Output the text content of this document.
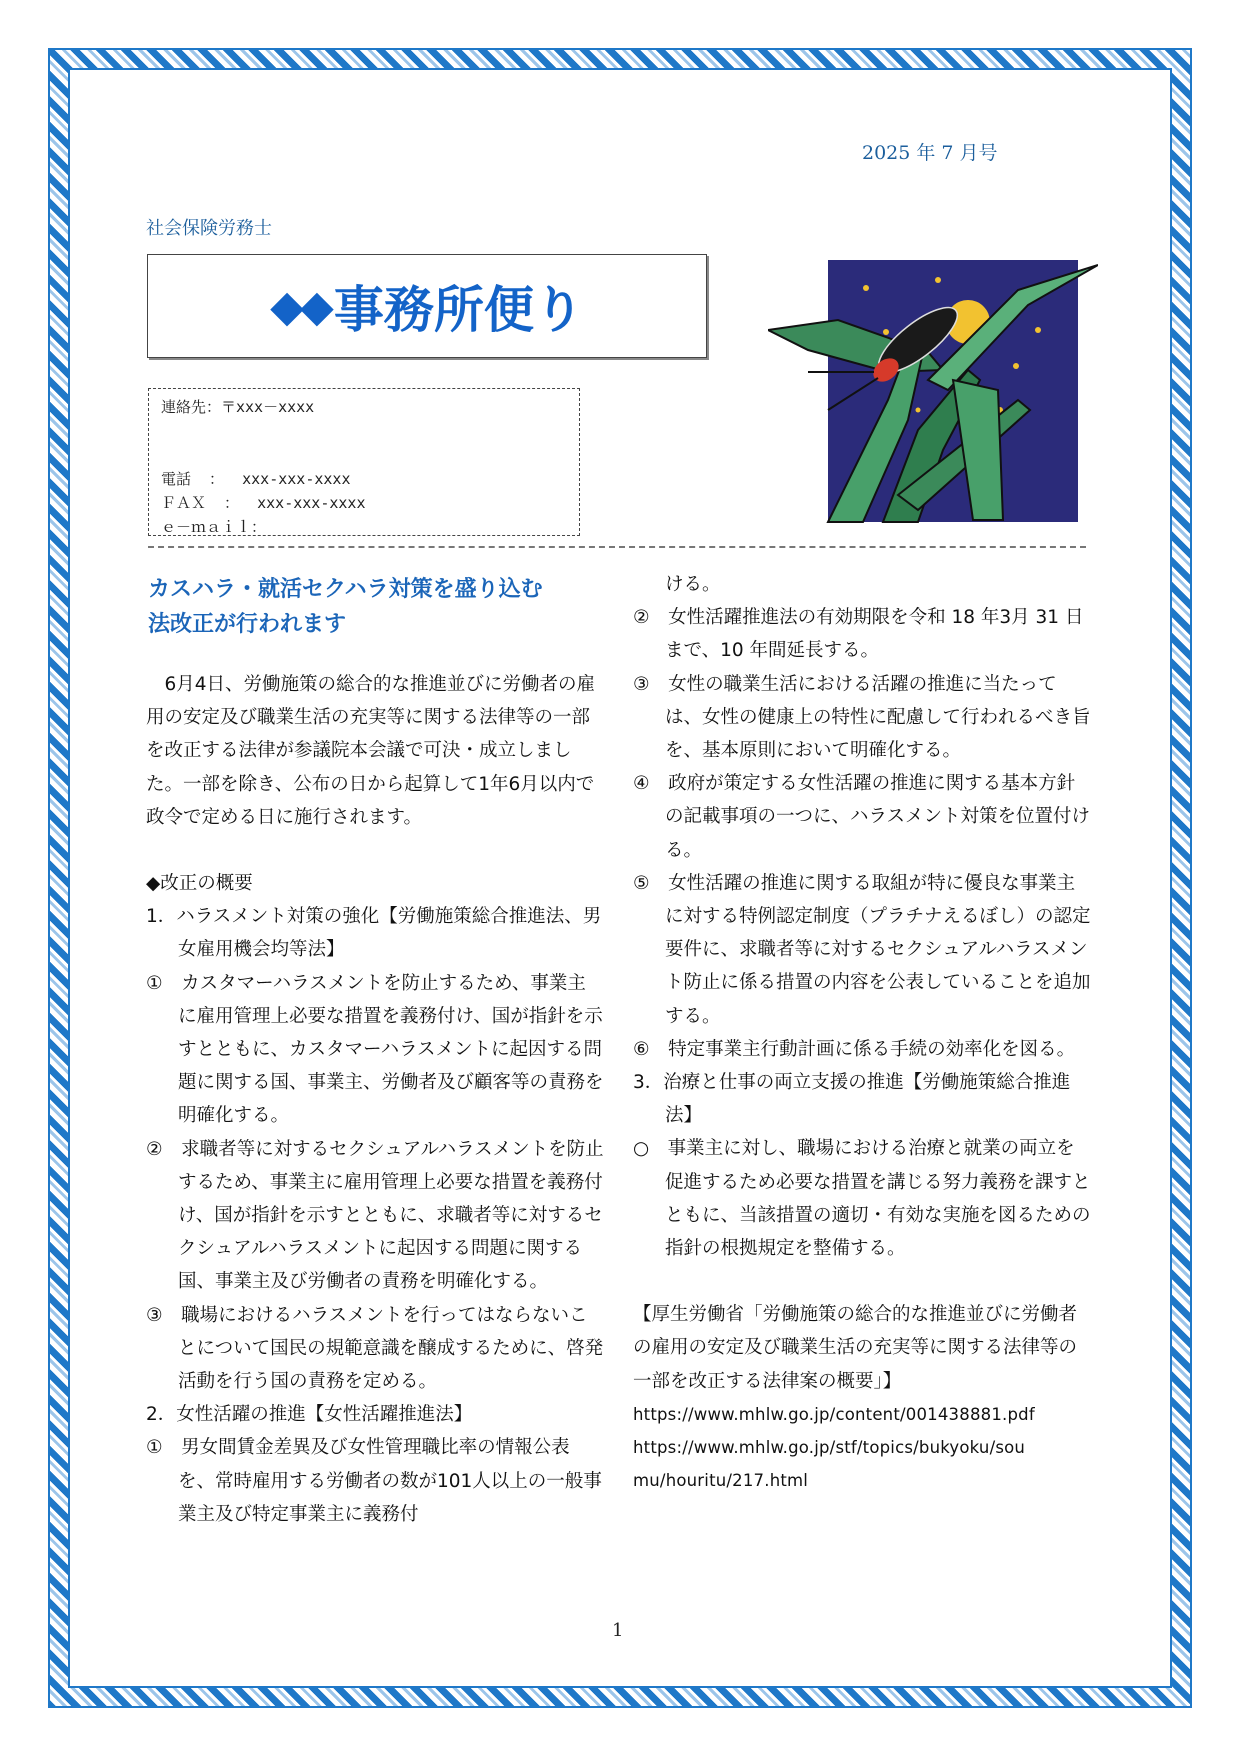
2025 年 7 月号
社会保険労務士
◆◆ 事務所便り
連絡先：〒xxx－xxxx
電話  ：  xxx-xxx-xxxx
ＦＡＸ  ：  xxx-xxx-xxxx
ｅ－ｍａｉｌ：
カスハラ・就活セクハラ対策を盛り込む
法改正が行われます

6月4日、労働施策の総合的な推進並びに労働者の雇用の安定及び職業生活の充実等に関する法律等の一部を改正する法律が参議院本会議で可決・成立しました。一部を除き、公布の日から起算して1年6月以内で政令で定める日に施行されます。

◆改正の概要

1．ハラスメント対策の強化【労働施策総合推進法、男女雇用機会均等法】

①　カスタマーハラスメントを防止するため、事業主に雇用管理上必要な措置を義務付け、国が指針を示すとともに、カスタマーハラスメントに起因する問題に関する国、事業主、労働者及び顧客等の責務を明確化する。

②　求職者等に対するセクシュアルハラスメントを防止するため、事業主に雇用管理上必要な措置を義務付け、国が指針を示すとともに、求職者等に対するセクシュアルハラスメントに起因する問題に関する国、事業主及び労働者の責務を明確化する。

③　職場におけるハラスメントを行ってはならないことについて国民の規範意識を醸成するために、啓発活動を行う国の責務を定める。

2．女性活躍の推進【女性活躍推進法】

①　男女間賃金差異及び女性管理職比率の情報公表を、常時雇用する労働者の数が101人以上の一般事業主及び特定事業主に義務付

ける。

②　女性活躍推進法の有効期限を令和 18 年3月 31 日まで、10 年間延長する。

③　女性の職業生活における活躍の推進に当たっては、女性の健康上の特性に配慮して行われるべき旨を、基本原則において明確化する。

④　政府が策定する女性活躍の推進に関する基本方針の記載事項の一つに、ハラスメント対策を位置付ける。

⑤　女性活躍の推進に関する取組が特に優良な事業主に対する特例認定制度（プラチナえるぼし）の認定要件に、求職者等に対するセクシュアルハラスメント防止に係る措置の内容を公表していることを追加する。

⑥　特定事業主行動計画に係る手続の効率化を図る。

3．治療と仕事の両立支援の推進【労働施策総合推進法】

○　事業主に対し、職場における治療と就業の両立を促進するため必要な措置を講じる努力義務を課すとともに、当該措置の適切・有効な実施を図るための指針の根拠規定を整備する。

【厚生労働省「労働施策の総合的な推進並びに労働者の雇用の安定及び職業生活の充実等に関する法律等の一部を改正する法律案の概要」】

https://www.mhlw.go.jp/content/001438881.pdf

https://www.mhlw.go.jp/stf/topics/bukyoku/sou
mu/houritu/217.html

1
